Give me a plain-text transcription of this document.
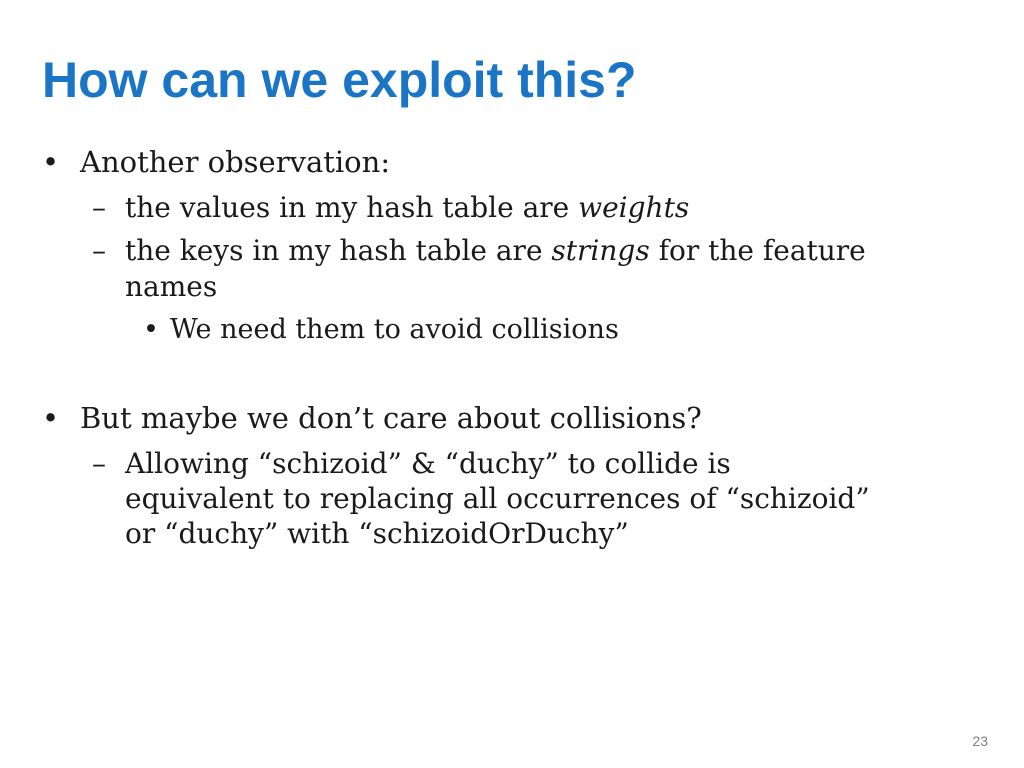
How can we exploit this?
• Another observation:

– the values in my hash table are weights

– the keys in my hash table are strings for the feature

names

• We need them to avoid collisions

• But maybe we don’t care about collisions?

– Allowing “schizoid” & “duchy” to collide is

equivalent to replacing all occurrences of “schizoid”

or “duchy” with “schizoidOrDuchy”

23
